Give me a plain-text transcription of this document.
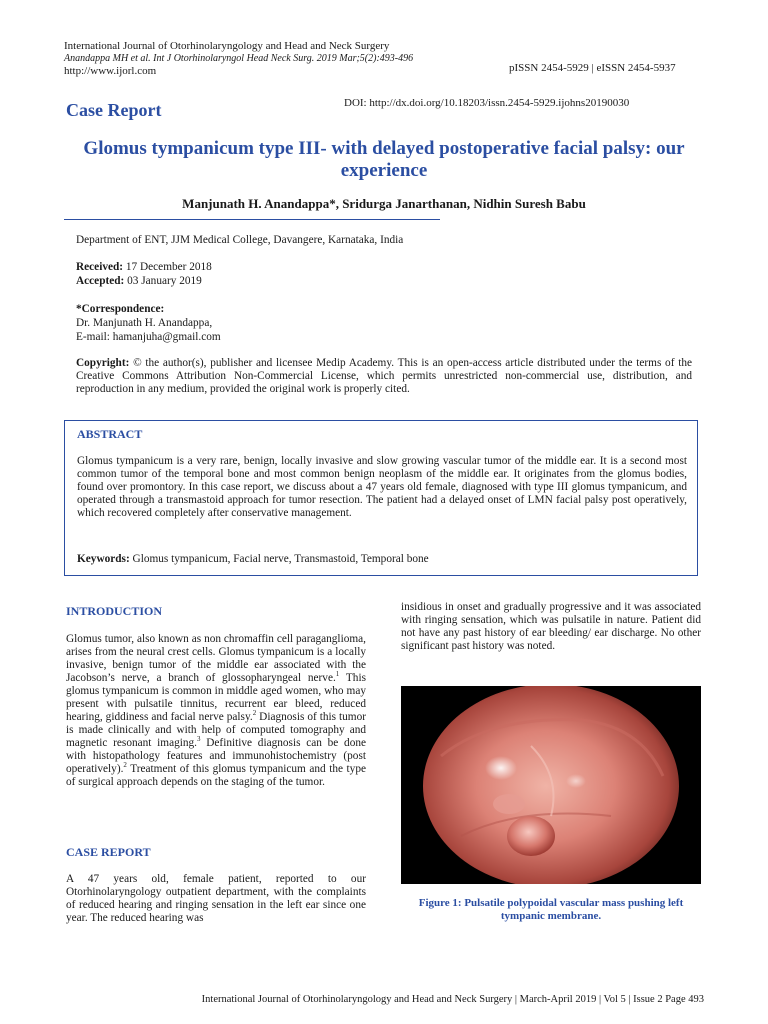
International Journal of Otorhinolaryngology and Head and Neck Surgery
Anandappa MH et al. Int J Otorhinolaryngol Head Neck Surg. 2019 Mar;5(2):493-496
http://www.ijorl.com	pISSN 2454-5929 | eISSN 2454-5937
Case Report	DOI: http://dx.doi.org/10.18203/issn.2454-5929.ijohns20190030
Glomus tympanicum type III- with delayed postoperative facial palsy: our experience
Manjunath H. Anandappa*, Sridurga Janarthanan, Nidhin Suresh Babu
Department of ENT, JJM Medical College, Davangere, Karnataka, India
Received: 17 December 2018
Accepted: 03 January 2019
*Correspondence:
Dr. Manjunath H. Anandappa,
E-mail: hamanjuha@gmail.com
Copyright: © the author(s), publisher and licensee Medip Academy. This is an open-access article distributed under the terms of the Creative Commons Attribution Non-Commercial License, which permits unrestricted non-commercial use, distribution, and reproduction in any medium, provided the original work is properly cited.
ABSTRACT
Glomus tympanicum is a very rare, benign, locally invasive and slow growing vascular tumor of the middle ear. It is a second most common tumor of the temporal bone and most common benign neoplasm of the middle ear. It originates from the glomus bodies, found over promontory. In this case report, we discuss about a 47 years old female, diagnosed with type III glomus tympanicum, and operated through a transmastoid approach for tumor resection. The patient had a delayed onset of LMN facial palsy post operatively, which recovered completely after conservative management.
Keywords: Glomus tympanicum, Facial nerve, Transmastoid, Temporal bone
INTRODUCTION
Glomus tumor, also known as non chromaffin cell paraganglioma, arises from the neural crest cells. Glomus tympanicum is a locally invasive, benign tumor of the middle ear associated with the Jacobson’s nerve, a branch of glossopharyngeal nerve.$^1$ This glomus tympanicum is common in middle aged women, who may present with pulsatile tinnitus, recurrent ear bleed, reduced hearing, giddiness and facial nerve palsy.$^2$ Diagnosis of this tumor is made clinically and with help of computed tomography and magnetic resonant imaging.$^3$ Definitive diagnosis can be done with histopathology features and immunohistochemistry (post operatively).$^2$ Treatment of this glomus tympanicum and the type of surgical approach depends on the staging of the tumor.
CASE REPORT
A 47 years old, female patient, reported to our Otorhinolaryngology outpatient department, with the complaints of reduced hearing and ringing sensation in the left ear since one year. The reduced hearing was
insidious in onset and gradually progressive and it was associated with ringing sensation, which was pulsatile in nature. Patient did not have any past history of ear bleeding/ ear discharge. No other significant past history was noted.
Figure 1: Pulsatile polypoidal vascular mass pushing left tympanic membrane.
International Journal of Otorhinolaryngology and Head and Neck Surgery | March-April 2019 | Vol 5 | Issue 2 Page 493
